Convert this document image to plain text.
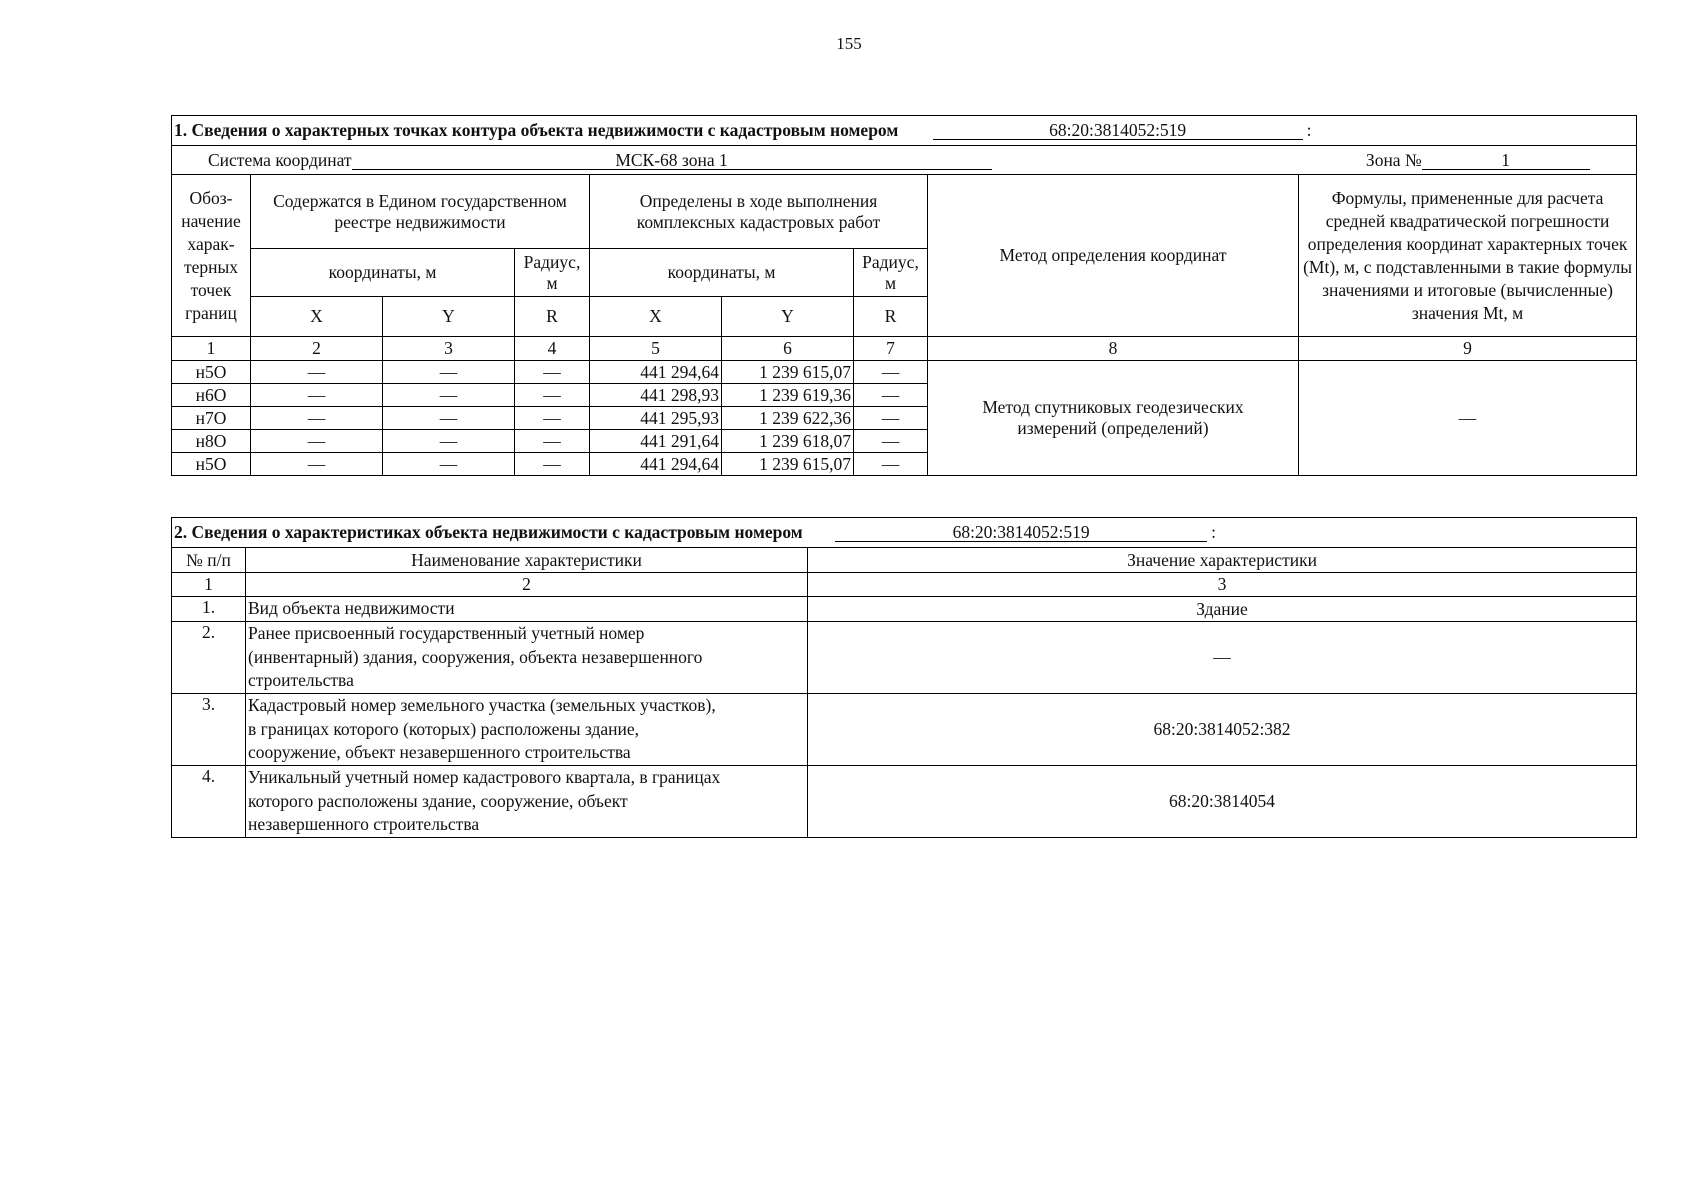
155
1. Сведения о характерных точках контура объекта недвижимости с кадастровым номером 68:20:3814052:519 :								
Система координат МСК-68 зона 1 Зона № 1								
Обоз-начение харак-терных точек границ	Содержатся в Едином государственном реестре недвижимости			Определены в ходе выполнения комплексных кадастровых работ			Метод определения координат	Формулы, примененные для расчета средней квадратической погрешности определения координат характерных точек (Mt), м, с подставленными в такие формулы значениями и итоговые (вычисленные) значения Mt, м
	координаты, м		Радиус, м	координаты, м		Радиус, м		
	X	Y	R	X	Y	R		
1	2	3	4	5	6	7	8	9
н5О	—	—	—	441 294,64	1 239 615,07	—	Метод спутниковых геодезических измерений (определений)	—
н6О	—	—	—	441 298,93	1 239 619,36	—		
н7О	—	—	—	441 295,93	1 239 622,36	—		
н8О	—	—	—	441 291,64	1 239 618,07	—		
н5О	—	—	—	441 294,64	1 239 615,07	—		
2. Сведения о характеристиках объекта недвижимости с кадастровым номером 68:20:3814052:519 :		
№ п/п	Наименование характеристики	Значение характеристики
1	2	3
1.	Вид объекта недвижимости	Здание
2.	Ранее присвоенный государственный учетный номер
(инвентарный) здания, сооружения, объекта незавершенного
строительства	—
3.	Кадастровый номер земельного участка (земельных участков),
в границах которого (которых) расположены здание,
сооружение, объект незавершенного строительства	68:20:3814052:382
4.	Уникальный учетный номер кадастрового квартала, в границах
которого расположены здание, сооружение, объект
незавершенного строительства	68:20:3814054
